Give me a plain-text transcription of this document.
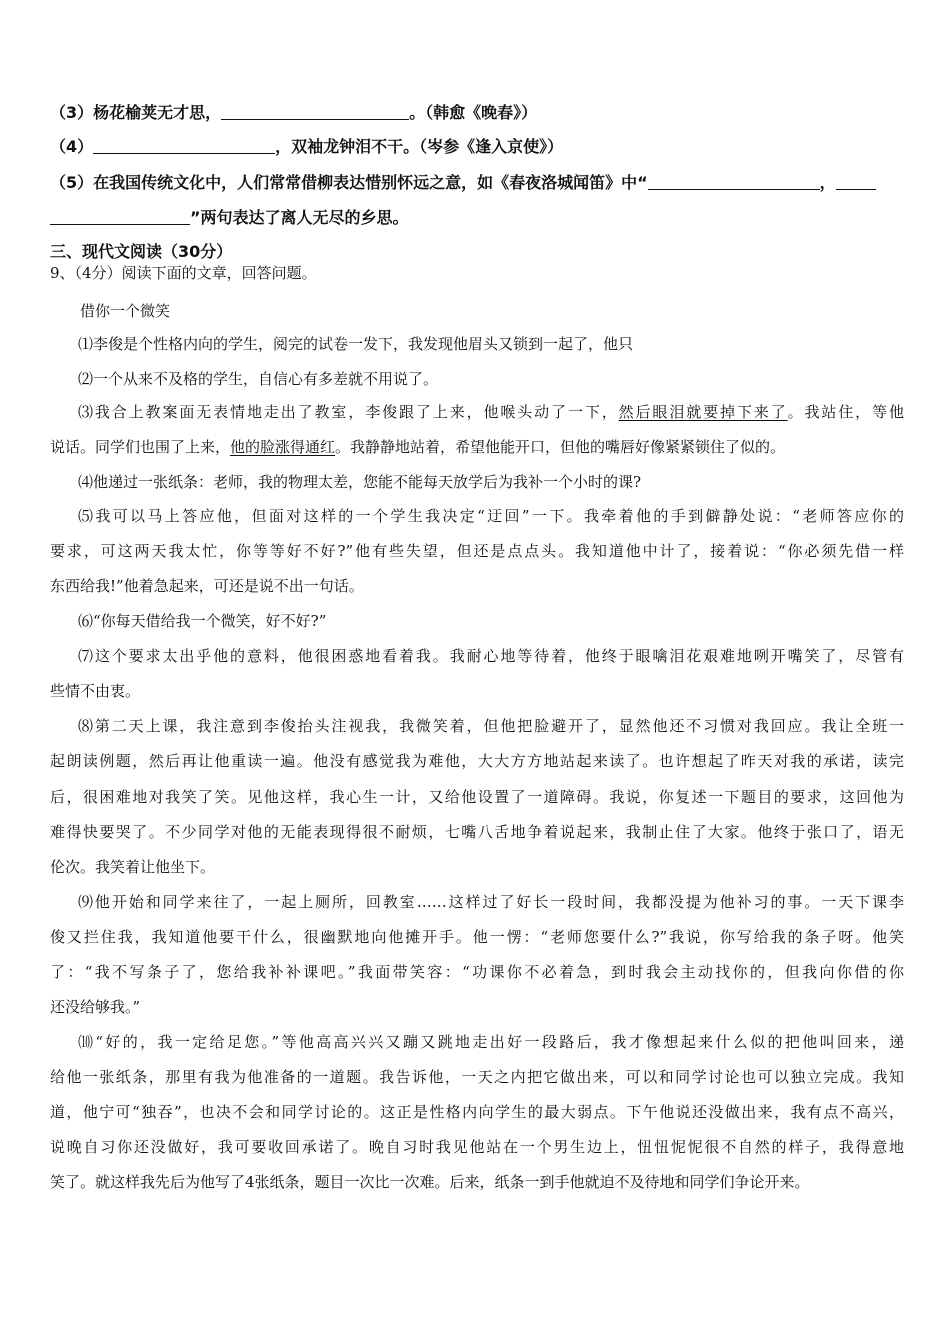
（3）杨花榆荚无才思，	。（韩愈《晚春》）
（4）	，双袖龙钟泪不干。（岑参《逢入京使》）
（5）在我国传统文化中，人们常常借柳表达惜别怀远之意，如《春夜洛城闻笛》中“	，
”两句表达了离人无尽的乡思。
三、现代文阅读（30分）
9、（4分）阅读下面的文章，回答问题。
借你一个微笑
⑴李俊是个性格内向的学生，阅完的试卷一发下，我发现他眉头又锁到一起了，他只
⑵一个从来不及格的学生，自信心有多差就不用说了。
⑶我合上教案面无表情地走出了教室，李俊跟了上来，他喉头动了一下，然后眼泪就要掉下来了。我站住，等他
说话。同学们也围了上来，他的脸涨得通红。我静静地站着，希望他能开口，但他的嘴唇好像紧紧锁住了似的。
⑷他递过一张纸条：老师，我的物理太差，您能不能每天放学后为我补一个小时的课?
⑸我可以马上答应他，但面对这样的一个学生我决定“迂回”一下。我牵着他的手到僻静处说：“老师答应你的
要求，可这两天我太忙，你等等好不好?”他有些失望，但还是点点头。我知道他中计了，接着说：“你必须先借一样
东西给我!”他着急起来，可还是说不出一句话。
⑹“你每天借给我一个微笑，好不好?”
⑺这个要求太出乎他的意料，他很困惑地看着我。我耐心地等待着，他终于眼噙泪花艰难地咧开嘴笑了，尽管有
些情不由衷。
⑻第二天上课，我注意到李俊抬头注视我，我微笑着，但他把脸避开了，显然他还不习惯对我回应。我让全班一
起朗读例题，然后再让他重读一遍。他没有感觉我为难他，大大方方地站起来读了。也许想起了昨天对我的承诺，读完
后，很困难地对我笑了笑。见他这样，我心生一计，又给他设置了一道障碍。我说，你复述一下题目的要求，这回他为
难得快要哭了。不少同学对他的无能表现得很不耐烦，七嘴八舌地争着说起来，我制止住了大家。他终于张口了，语无
伦次。我笑着让他坐下。
⑼他开始和同学来往了，一起上厕所，回教室……这样过了好长一段时间，我都没提为他补习的事。一天下课李
俊又拦住我，我知道他要干什么，很幽默地向他摊开手。他一愣：“老师您要什么?”我说，你写给我的条子呀。他笑
了：“我不写条子了，您给我补补课吧。”我面带笑容：“功课你不必着急，到时我会主动找你的，但我向你借的你
还没给够我。”
⑽“好的，我一定给足您。”等他高高兴兴又蹦又跳地走出好一段路后，我才像想起来什么似的把他叫回来，递
给他一张纸条，那里有我为他准备的一道题。我告诉他，一天之内把它做出来，可以和同学讨论也可以独立完成。我知
道，他宁可“独吞”，也决不会和同学讨论的。这正是性格内向学生的最大弱点。下午他说还没做出来，我有点不高兴，
说晚自习你还没做好，我可要收回承诺了。晚自习时我见他站在一个男生边上，忸忸怩怩很不自然的样子，我得意地
笑了。就这样我先后为他写了4张纸条，题目一次比一次难。后来，纸条一到手他就迫不及待地和同学们争论开来。
